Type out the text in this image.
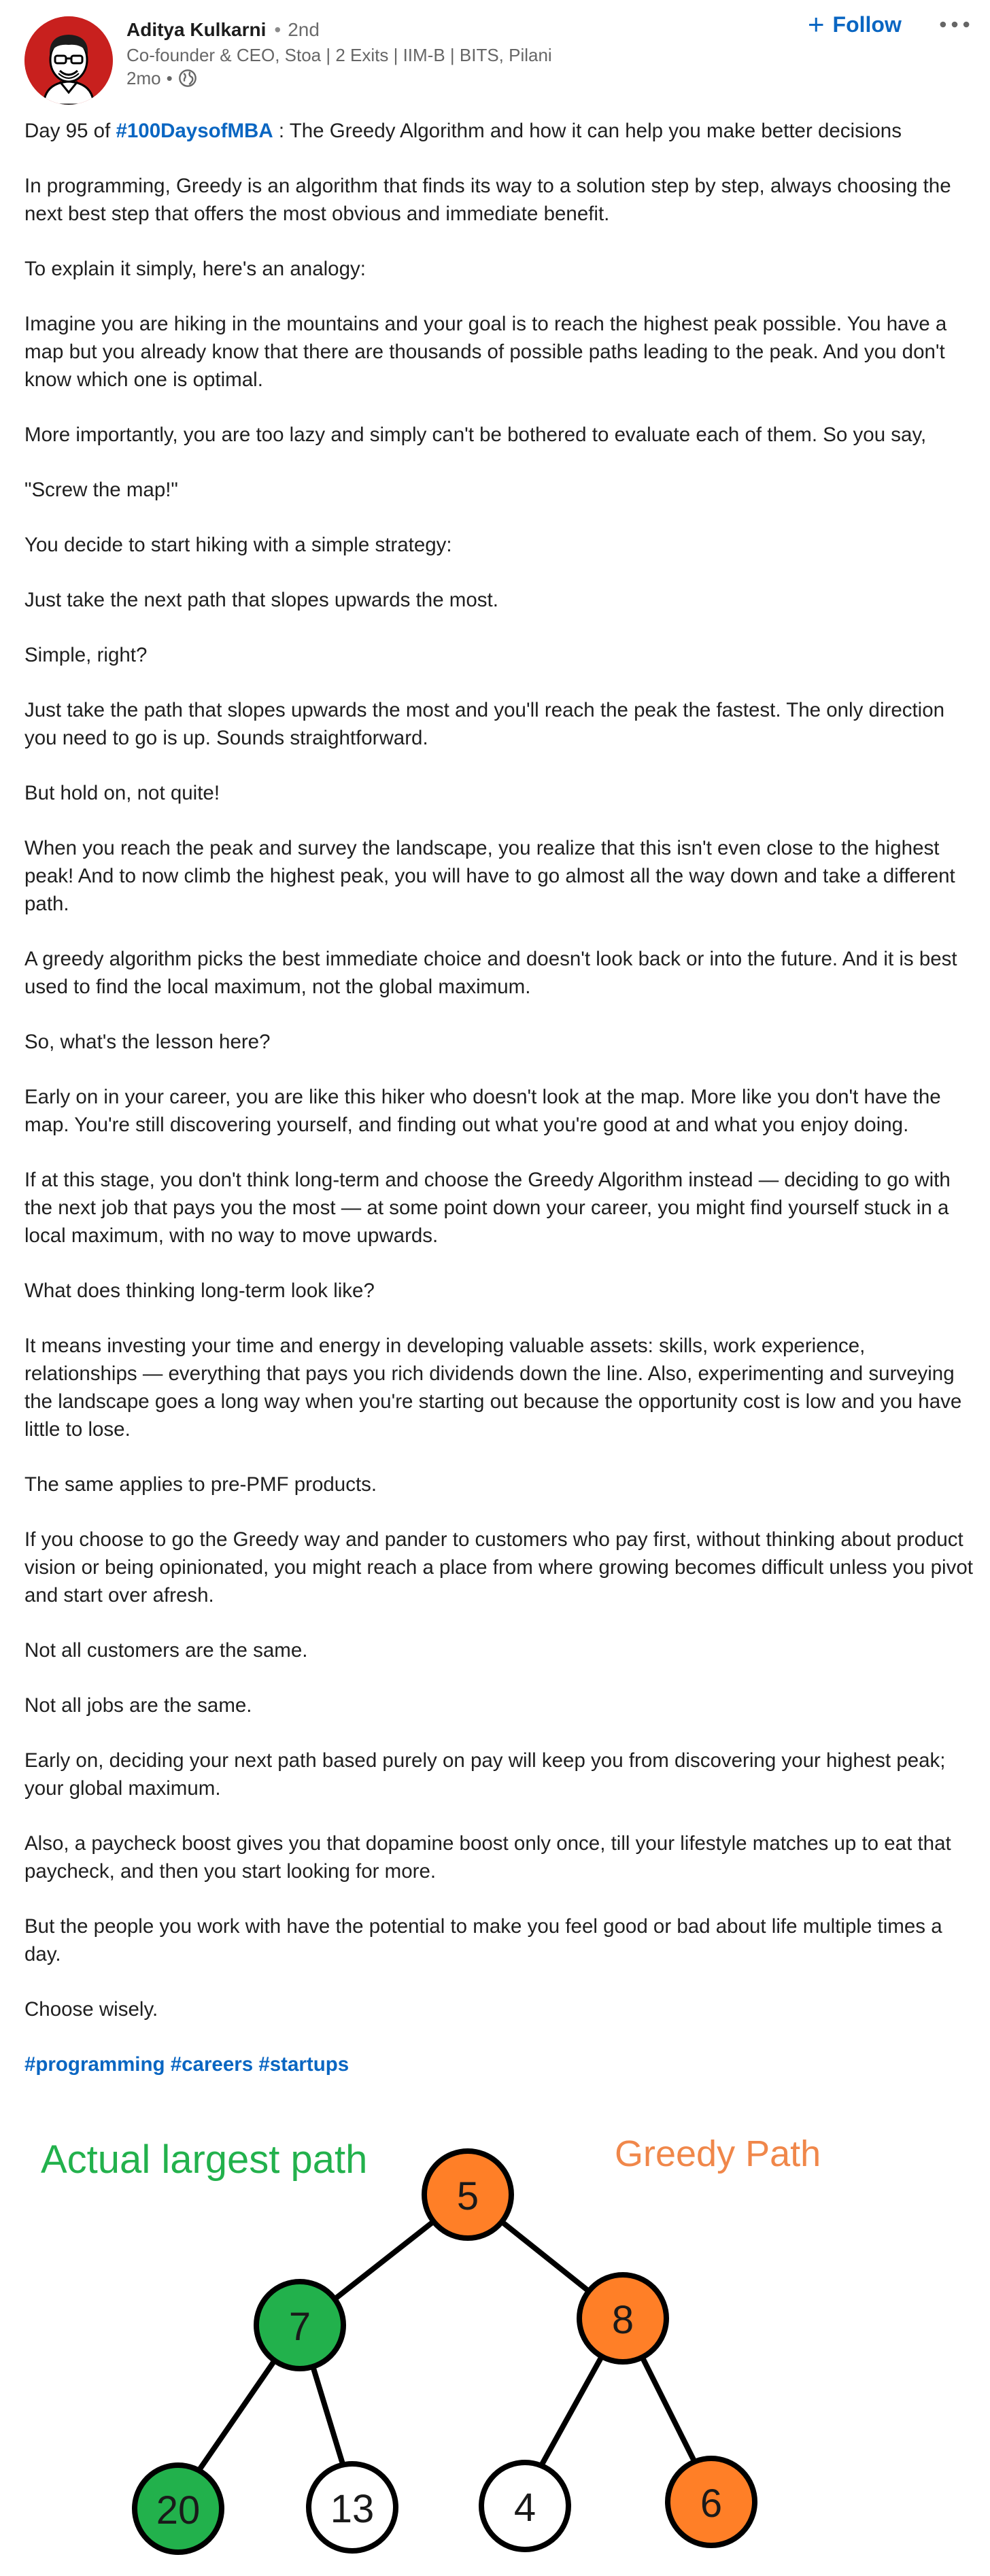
Aditya Kulkarni• 2nd
Co-founder & CEO, Stoa | 2 Exits | IIM-B | BITS, Pilani
2mo •
+ Follow

Day 95 of #100DaysofMBA : The Greedy Algorithm and how it can help you make better decisions

In programming, Greedy is an algorithm that finds its way to a solution step by step, always choosing the next best step that offers the most obvious and immediate benefit.

To explain it simply, here's an analogy:

Imagine you are hiking in the mountains and your goal is to reach the highest peak possible. You have a map but you already know that there are thousands of possible paths leading to the peak. And you don't know which one is optimal.

More importantly, you are too lazy and simply can't be bothered to evaluate each of them. So you say,

"Screw the map!"

You decide to start hiking with a simple strategy:

Just take the next path that slopes upwards the most.

Simple, right?

Just take the path that slopes upwards the most and you'll reach the peak the fastest. The only direction you need to go is up. Sounds straightforward.

But hold on, not quite!

When you reach the peak and survey the landscape, you realize that this isn't even close to the highest peak! And to now climb the highest peak, you will have to go almost all the way down and take a different path.

A greedy algorithm picks the best immediate choice and doesn't look back or into the future. And it is best used to find the local maximum, not the global maximum.

So, what's the lesson here?

Early on in your career, you are like this hiker who doesn't look at the map. More like you don't have the map. You're still discovering yourself, and finding out what you're good at and what you enjoy doing.

If at this stage, you don't think long-term and choose the Greedy Algorithm instead — deciding to go with the next job that pays you the most — at some point down your career, you might find yourself stuck in a local maximum, with no way to move upwards.

What does thinking long-term look like?

It means investing your time and energy in developing valuable assets: skills, work experience, relationships — everything that pays you rich dividends down the line. Also, experimenting and surveying the landscape goes a long way when you're starting out because the opportunity cost is low and you have little to lose.

The same applies to pre-PMF products.

If you choose to go the Greedy way and pander to customers who pay first, without thinking about product vision or being opinionated, you might reach a place from where growing becomes difficult unless you pivot and start over afresh.

Not all customers are the same.

Not all jobs are the same.

Early on, deciding your next path based purely on pay will keep you from discovering your highest peak; your global maximum.

Also, a paycheck boost gives you that dopamine boost only once, till your lifestyle matches up to eat that paycheck, and then you start looking for more.

But the people you work with have the potential to make you feel good or bad about life multiple times a day.

Choose wisely.

#programming #careers #startups

Actual largest path	Greedy Path
5
7	8
20	13	4	6
